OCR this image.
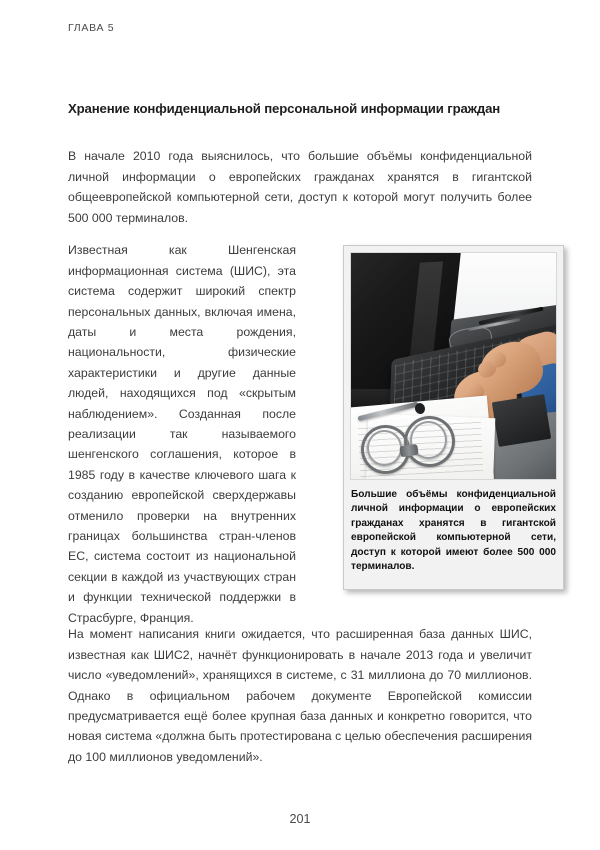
ГЛАВА 5
Хранение конфиденциальной персональной информации граждан

В начале 2010 года выяснилось, что большие объёмы конфиденциальной личной информации о европейских гражданах хранятся в гигантской общеевропейской компьютерной сети, доступ к которой могут получить более 500 000 терминалов.

Известная как Шенгенская информационная система (ШИС), эта система содержит широкий спектр персональных данных, включая имена, даты и места рождения, национальности, физические характеристики и другие данные людей, находящихся под «скрытым наблюдением». Созданная после реализации так называемого шенгенского соглашения, которое в 1985 году в качестве ключевого шага к созданию европейской сверхдержавы отменило проверки на внутренних границах большинства стран-членов ЕС, система состоит из национальной секции в каждой из участвующих стран и функции технической поддержки в Страсбурге, Франция.

Большие объёмы конфиденциальной личной информации о европейских гражданах хранятся в гигантской европейской компьютерной сети, доступ к которой имеют более 500 000 терминалов.

На момент написания книги ожидается, что расширенная база данных ШИС, известная как ШИС2, начнёт функционировать в начале 2013 года и увеличит число «уведомлений», хранящихся в системе, с 31 миллиона до 70 миллионов. Однако в официальном рабочем документе Европейской комиссии предусматривается ещё более крупная база данных и конкретно говорится, что новая система «должна быть протестирована с целью обеспечения расширения до 100 миллионов уведомлений».

201
